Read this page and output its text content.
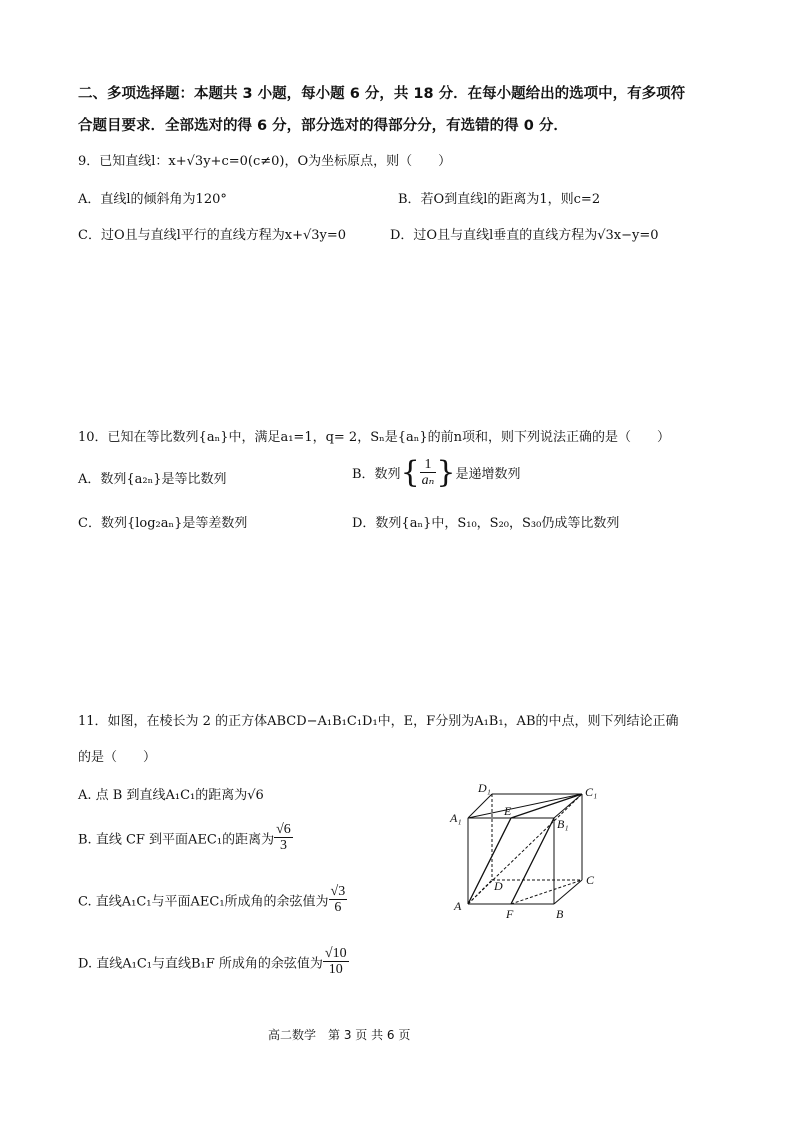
二、多项选择题：本题共 3 小题，每小题 6 分，共 18 分．在每小题给出的选项中，有多项符
合题目要求．全部选对的得 6 分，部分选对的得部分分，有选错的得 0 分．
9．已知直线l：x+√3y+c=0(c≠0)，O为坐标原点，则（　　）
A．直线l的倾斜角为120°	B．若O到直线l的距离为1，则c=2
C．过O且与直线l平行的直线方程为x+√3y=0	D．过O且与直线l垂直的直线方程为√3x−y=0
10．已知在等比数列{aₙ}中，满足a₁=1，q= 2，Sₙ是{aₙ}的前n项和，则下列说法正确的是（　　）
A．数列{a₂ₙ}是等比数列	B．数列{ $\frac{1}{\text{aₙ}}$ }是递增数列
C．数列{log₂aₙ}是等差数列	D．数列{aₙ}中，S₁₀，S₂₀，S₃₀仍成等比数列
11．如图，在棱长为 2 的正方体ABCD−A₁B₁C₁D₁中，E，F分别为A₁B₁，AB的中点，则下列结论正确
的是（　　）
A. 点 B 到直线A₁C₁的距离为√6
B. 直线 CF 到平面AEC₁的距离为 $\frac{√6}{3}$
C. 直线A₁C₁与平面AEC₁所成角的余弦值为 $\frac{√3}{6}$
D. 直线A₁C₁与直线B₁F 所成角的余弦值为 $\frac{√10}{10}$
D₁	C₁
A₁	E
B₁
D	C
A
F	B
高二数学　第 3 页 共 6 页
